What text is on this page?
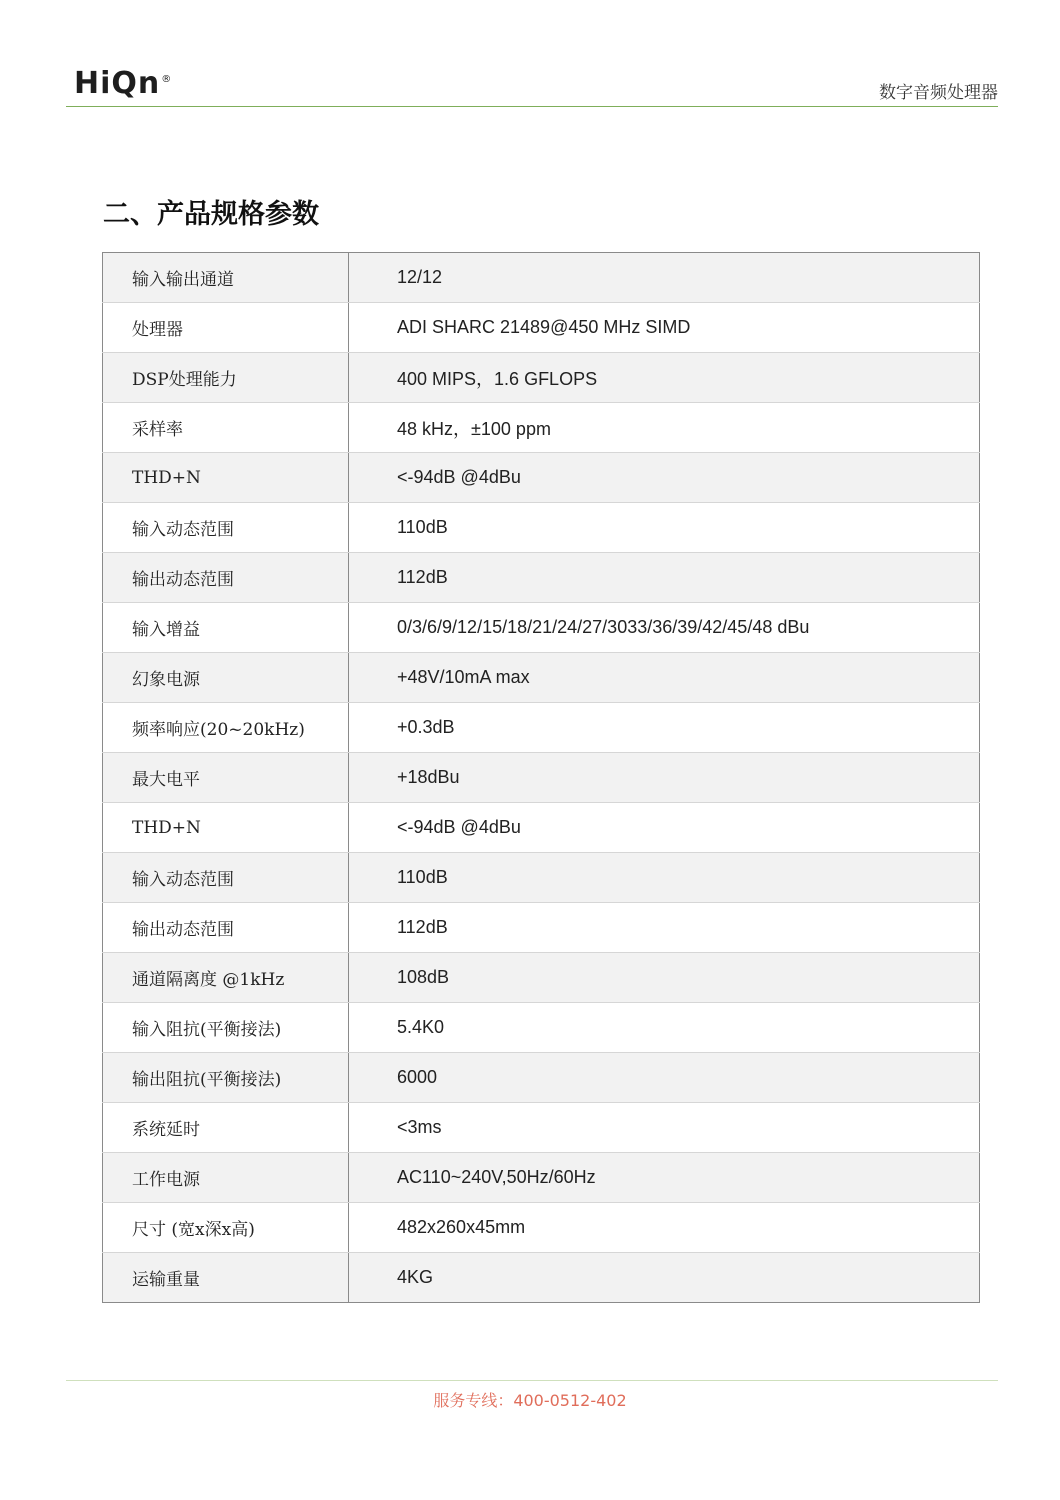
HiQn®
数字音频处理器
二、产品规格参数
输入输出通道	12/12
处理器	ADI SHARC 21489@450 MHz SIMD
DSP处理能力	400 MIPS，1.6 GFLOPS
采样率	48 kHz，±100 ppm
THD+N	<-94dB @4dBu
输入动态范围	110dB
输出动态范围	112dB
输入增益	0/3/6/9/12/15/18/21/24/27/3033/36/39/42/45/48 dBu
幻象电源	+48V/10mA max
频率响应(20~20kHz)	+0.3dB
最大电平	+18dBu
THD+N	<-94dB @4dBu
输入动态范围	110dB
输出动态范围	112dB
通道隔离度 @1kHz	108dB
输入阻抗(平衡接法)	5.4K0
输出阻抗(平衡接法)	6000
系统延时	<3ms
工作电源	AC110~240V,50Hz/60Hz
尺寸 (宽x深x高)	482x260x45mm
运输重量	4KG
服务专线：400-0512-402
